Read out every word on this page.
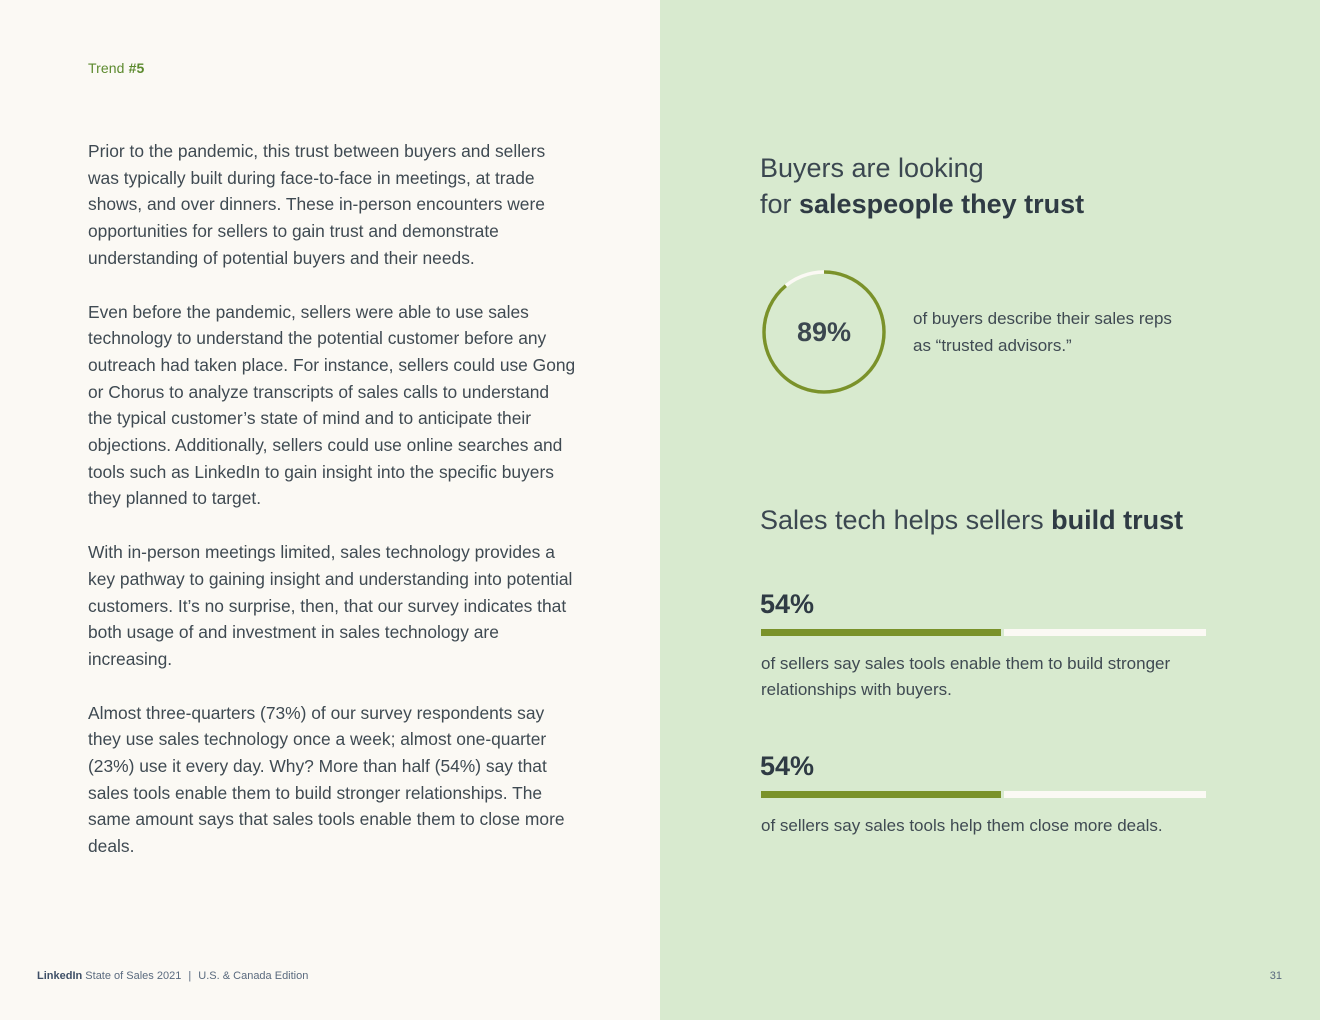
Trend #5

Prior to the pandemic, this trust between buyers and sellers was typically built during face-to-face in meetings, at trade shows, and over dinners. These in-person encounters were opportunities for sellers to gain trust and demonstrate understanding of potential buyers and their needs.

Even before the pandemic, sellers were able to use sales technology to understand the potential customer before any outreach had taken place. For instance, sellers could use Gong or Chorus to analyze transcripts of sales calls to understand the typical customer’s state of mind and to anticipate their objections. Additionally, sellers could use online searches and tools such as LinkedIn to gain insight into the specific buyers they planned to target.

With in-person meetings limited, sales technology provides a key pathway to gaining insight and understanding into potential customers. It’s no surprise, then, that our survey indicates that both usage of and investment in sales technology are increasing.

Almost three-quarters (73%) of our survey respondents say they use sales technology once a week; almost one-quarter (23%) use it every day. Why? More than half (54%) say that sales tools enable them to build stronger relationships. The same amount says that sales tools enable them to close more deals.

LinkedIn State of Sales 2021 | U.S. & Canada Edition
Buyers are looking
for salespeople they trust
89%	of buyers describe their sales reps as “trusted advisors.”
Sales tech helps sellers build trust
54%
of sellers say sales tools enable them to build stronger relationships with buyers.
54%
of sellers say sales tools help them close more deals.
31
